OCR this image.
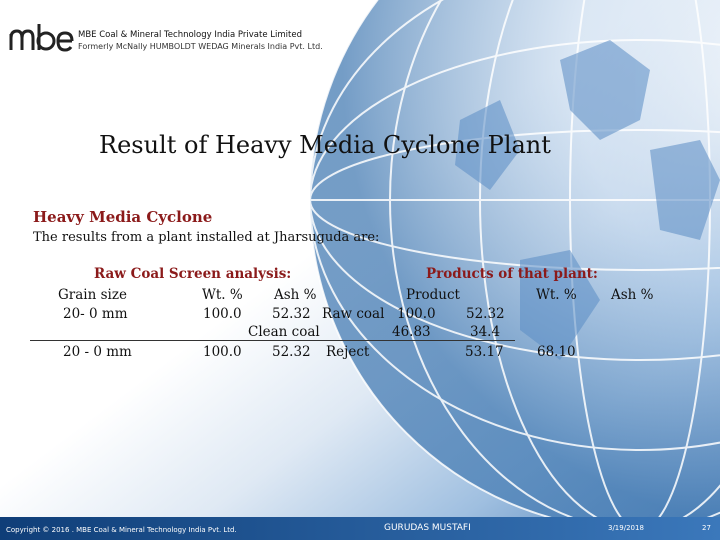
MBE Coal & Mineral Technology India Private Limited
Formerly McNally HUMBOLDT WEDAG Minerals India Pvt. Ltd.
Result of Heavy Media Cyclone Plant
Heavy Media Cyclone
The results from a plant installed at Jharsuguda are:
Raw Coal Screen analysis:	Products of that plant:
Grain size	Wt. % Ash %	Product	Wt. %	Ash %
20- 0 mm	100.0 52.32 Raw coal 100.0 52.32
Clean coal	46.83	34.4
20 - 0 mm	100.0 52.32 Reject	53.17 68.10
Copyright © 2016 . MBE Coal & Mineral Technology India Pvt. Ltd.	GURUDAS MUSTAFI	3/19/2018	27
